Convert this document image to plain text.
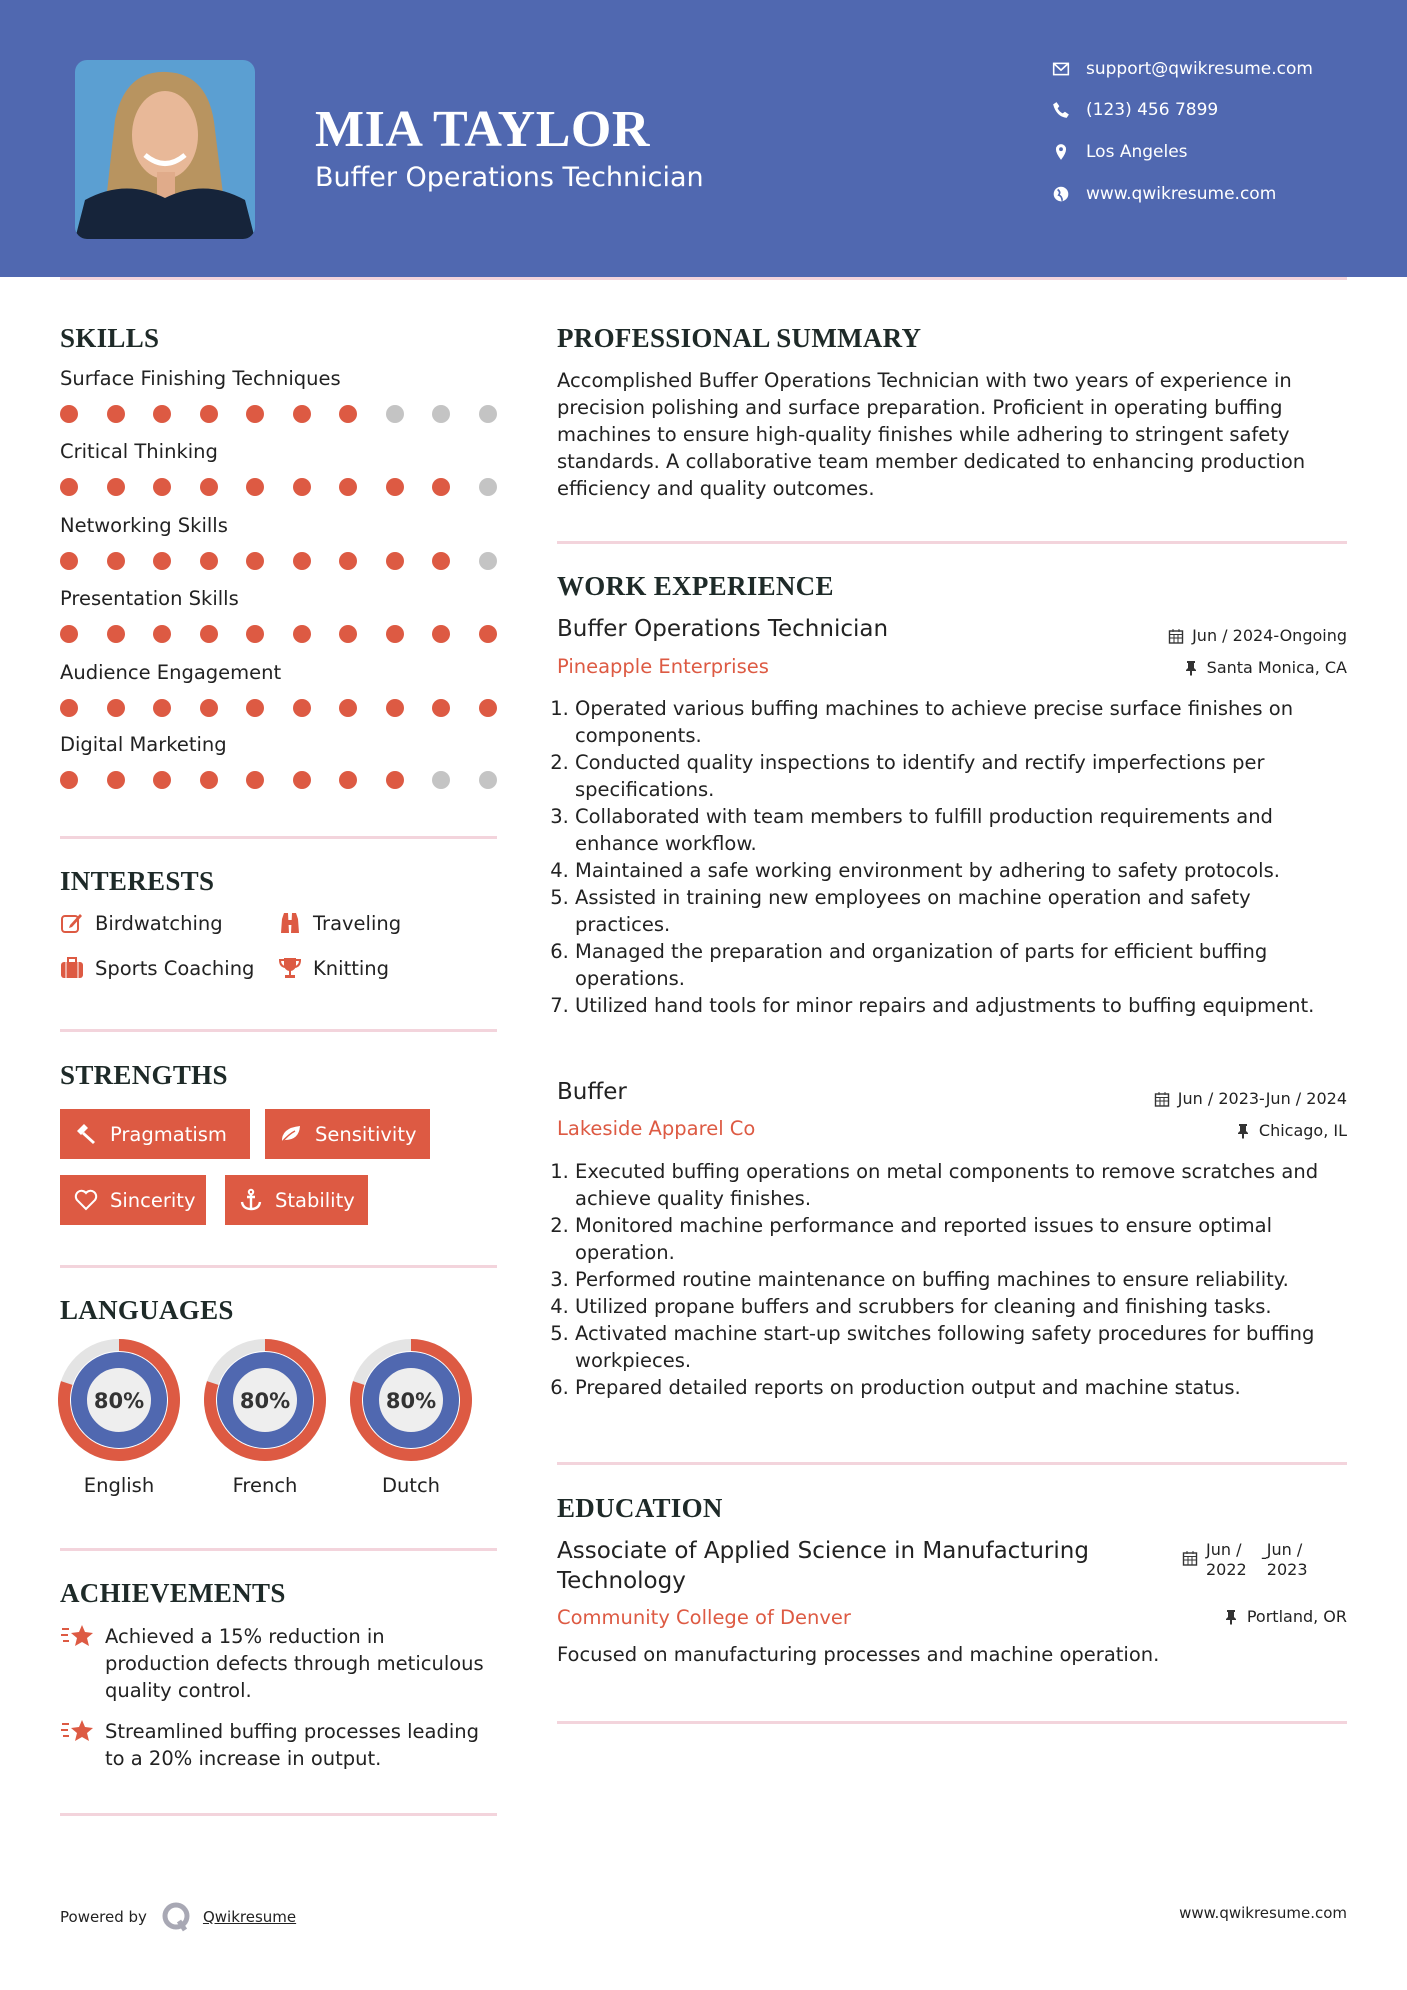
MIA TAYLOR
Buffer Operations Technician
support@qwikresume.com
(123) 456 7899
Los Angeles
www.qwikresume.com
SKILLS
Surface Finishing Techniques
Critical Thinking
Networking Skills
Presentation Skills
Audience Engagement
Digital Marketing
INTERESTS
Birdwatching	Traveling
Sports Coaching	Knitting
STRENGTHS
Pragmatism	Sensitivity
Sincerity	Stability
LANGUAGES
80%	80%	80%
English	French	Dutch
ACHIEVEMENTS
Achieved a 15% reduction in production defects through meticulous quality control.
Streamlined buffing processes leading to a 20% increase in output.
PROFESSIONAL SUMMARY
Accomplished Buffer Operations Technician with two years of experience in precision polishing and surface preparation. Proficient in operating buffing machines to ensure high-quality finishes while adhering to stringent safety standards. A collaborative team member dedicated to enhancing production efficiency and quality outcomes.
WORK EXPERIENCE
Buffer Operations Technician	Jun / 2024-Ongoing
Pineapple Enterprises	Santa Monica, CA
1. Operated various buffing machines to achieve precise surface finishes on components.
2. Conducted quality inspections to identify and rectify imperfections per specifications.
3. Collaborated with team members to fulfill production requirements and enhance workflow.
4. Maintained a safe working environment by adhering to safety protocols.
5. Assisted in training new employees on machine operation and safety practices.
6. Managed the preparation and organization of parts for efficient buffing operations.
7. Utilized hand tools for minor repairs and adjustments to buffing equipment.
Buffer	Jun / 2023-Jun / 2024
Lakeside Apparel Co	Chicago, IL
1. Executed buffing operations on metal components to remove scratches and achieve quality finishes.
2. Monitored machine performance and reported issues to ensure optimal operation.
3. Performed routine maintenance on buffing machines to ensure reliability.
4. Utilized propane buffers and scrubbers for cleaning and finishing tasks.
5. Activated machine start-up switches following safety procedures for buffing workpieces.
6. Prepared detailed reports on production output and machine status.
EDUCATION
Associate of Applied Science in Manufacturing Technology
Jun / 2022
- Jun / 2023
Community College of Denver	Portland, OR
Focused on manufacturing processes and machine operation.
Powered by	Qwikresume	www.qwikresume.com
